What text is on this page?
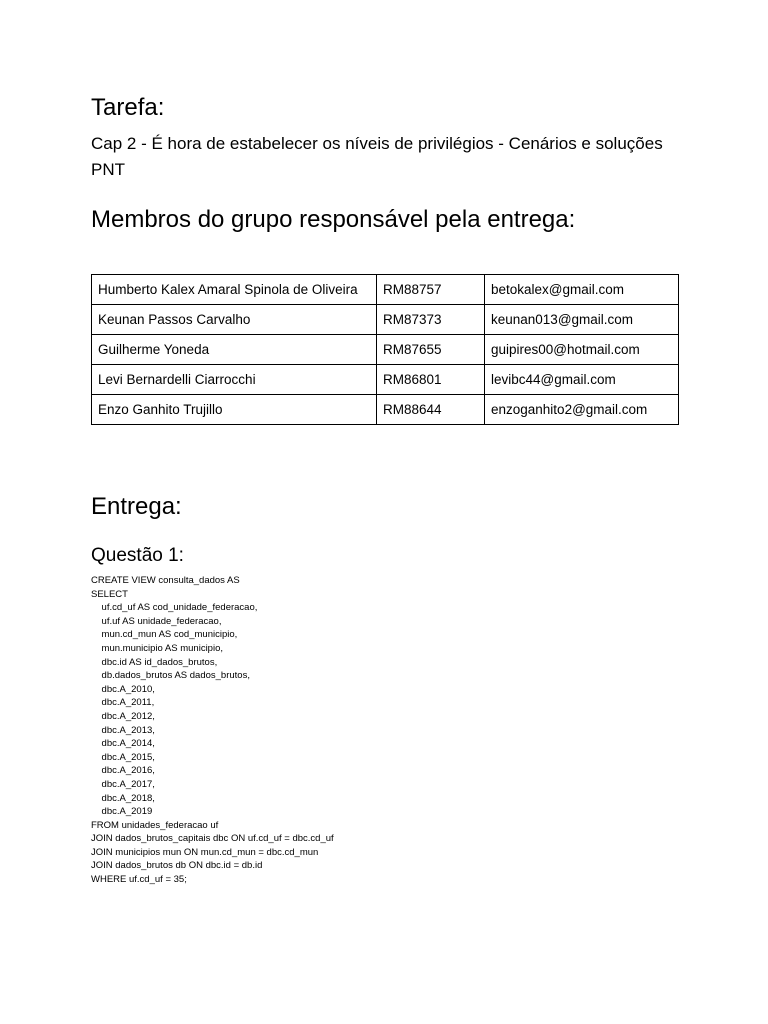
Tarefa:

Cap 2 - É hora de estabelecer os níveis de privilégios - Cenários e soluções PNT

Membros do grupo responsável pela entrega:
Humberto Kalex Amaral Spinola de Oliveira	RM88757	betokalex@gmail.com
Keunan Passos Carvalho	RM87373	keunan013@gmail.com
Guilherme Yoneda	RM87655	guipires00@hotmail.com
Levi Bernardelli Ciarrocchi	RM86801	levibc44@gmail.com
Enzo Ganhito Trujillo	RM88644	enzoganhito2@gmail.com
Entrega:
Questão 1:
CREATE VIEW consulta_dados AS
SELECT
uf.cd_uf AS cod_unidade_federacao,
uf.uf AS unidade_federacao,
mun.cd_mun AS cod_municipio,
mun.municipio AS municipio,
dbc.id AS id_dados_brutos,
db.dados_brutos AS dados_brutos,
dbc.A_2010,
dbc.A_2011,
dbc.A_2012,
dbc.A_2013,
dbc.A_2014,
dbc.A_2015,
dbc.A_2016,
dbc.A_2017,
dbc.A_2018,
dbc.A_2019
FROM unidades_federacao uf
JOIN dados_brutos_capitais dbc ON uf.cd_uf = dbc.cd_uf
JOIN municipios mun ON mun.cd_mun = dbc.cd_mun
JOIN dados_brutos db ON dbc.id = db.id
WHERE uf.cd_uf = 35;
